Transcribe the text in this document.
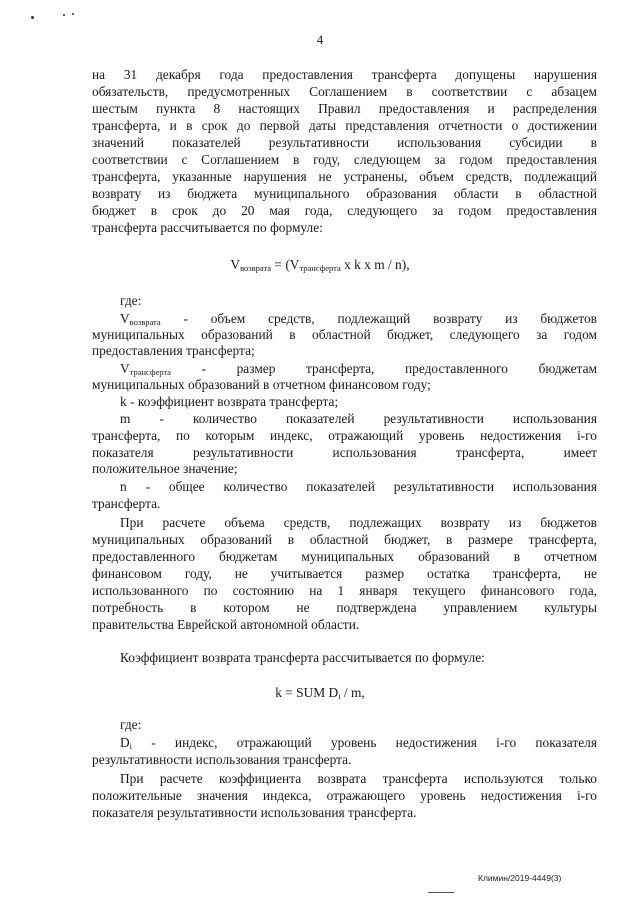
4
на 31 декабря года предоставления трансферта допущены нарушения
обязательств, предусмотренных Соглашением в соответствии с абзацем
шестым пункта 8 настоящих Правил предоставления и распределения
трансферта, и в срок до первой даты представления отчетности о достижении
значений показателей результативности использования субсидии в
соответствии с Соглашением в году, следующем за годом предоставления
трансферта, указанные нарушения не устранены, объем средств, подлежащий
возврату из бюджета муниципального образования области в областной
бюджет в срок до 20 мая года, следующего за годом предоставления
трансферта рассчитывается по формуле:
$V_{возврата} = (V_{трансферта}$ x k x m / n),
где:
$V_{возврата}$ - объем средств, подлежащий возврату из бюджетов
муниципальных образований в областной бюджет, следующего за годом
предоставления трансферта;
$V_{трансферта}$ - размер трансферта, предоставленного бюджетам
муниципальных образований в отчетном финансовом году;
k - коэффициент возврата трансферта;
m - количество показателей результативности использования
трансферта, по которым индекс, отражающий уровень недостижения i-го
показателя результативности использования трансферта, имеет
положительное значение;
n - общее количество показателей результативности использования
трансферта.
При расчете объема средств, подлежащих возврату из бюджетов
муниципальных образований в областной бюджет, в размере трансферта,
предоставленного бюджетам муниципальных образований в отчетном
финансовом году, не учитывается размер остатка трансферта, не
использованного по состоянию на 1 января текущего финансового года,
потребность в котором не подтверждена управлением культуры
правительства Еврейской автономной области.
Коэффициент возврата трансферта рассчитывается по формуле:
k = SUM $D_i$ / m,
где:
$D_i$ - индекс, отражающий уровень недостижения i-го показателя
результативности использования трансферта.
При расчете коэффициента возврата трансферта используются только
положительные значения индекса, отражающего уровень недостижения i-го
показателя результативности использования трансферта.
Климин/2019-4449(3)
